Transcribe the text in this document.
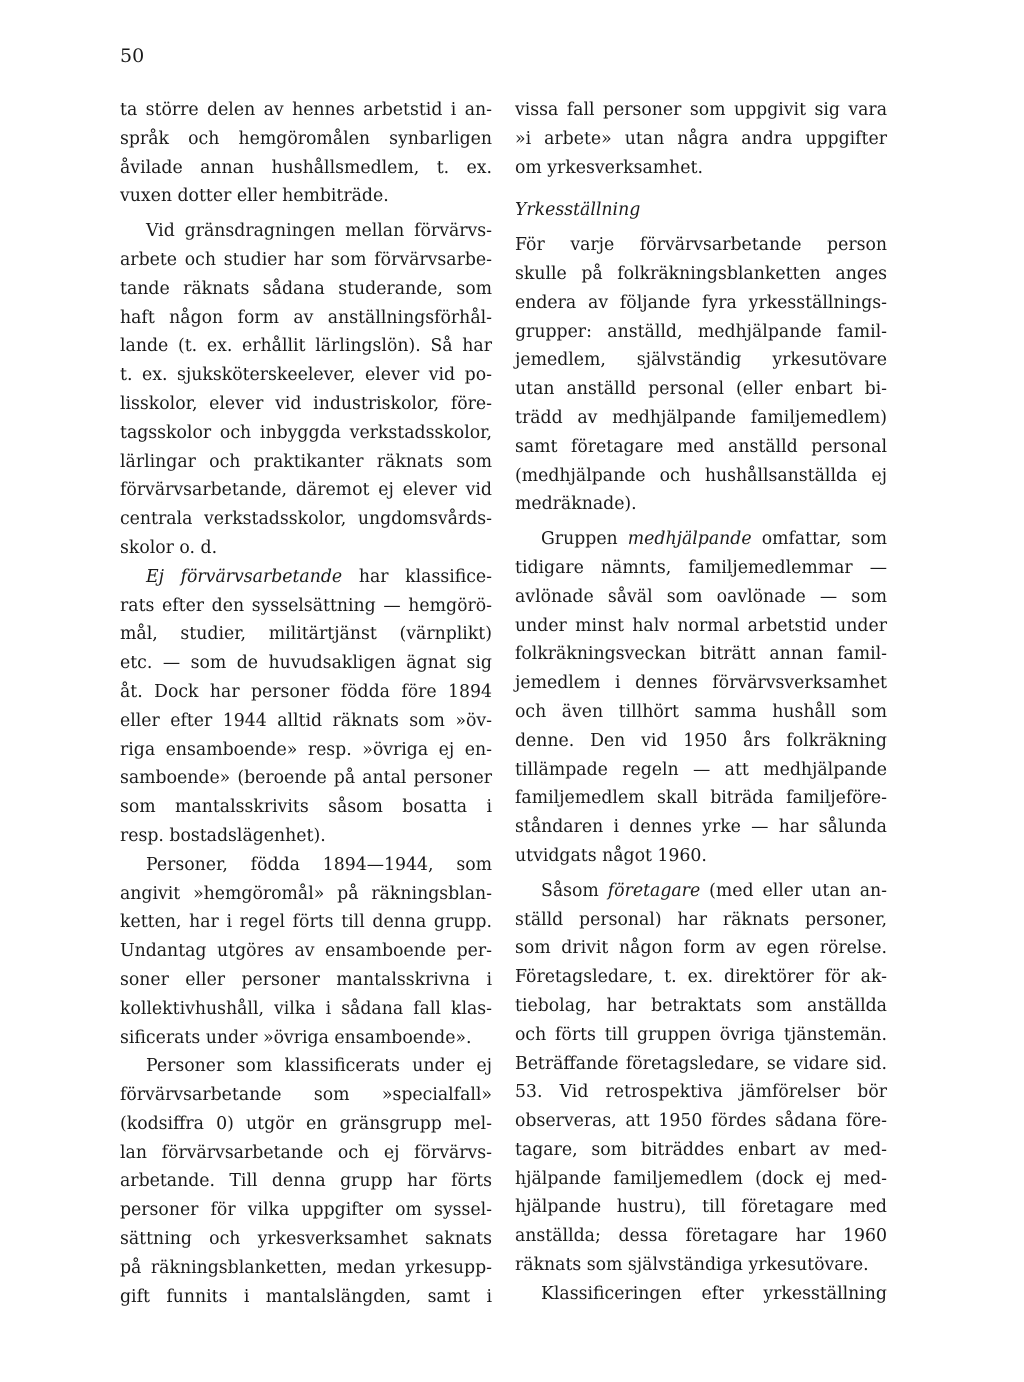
50
ta större delen av hennes arbetstid i an-
språk och hemgöromålen synbarligen
åvilade annan hushållsmedlem, t. ex.
vuxen dotter eller hembiträde.
Vid gränsdragningen mellan förvärvs-
arbete och studier har som förvärvsarbe-
tande räknats sådana studerande, som
haft någon form av anställningsförhål-
lande (t. ex. erhållit lärlingslön). Så har
t. ex. sjuksköterskeelever, elever vid po-
lisskolor, elever vid industriskolor, före-
tagsskolor och inbyggda verkstadsskolor,
lärlingar och praktikanter räknats som
förvärvsarbetande, däremot ej elever vid
centrala verkstadsskolor, ungdomsvårds-
skolor o. d.
Ej förvärvsarbetande har klassifice-
rats efter den sysselsättning — hemgörö-
mål, studier, militärtjänst (värnplikt)
etc. — som de huvudsakligen ägnat sig
åt. Dock har personer födda före 1894
eller efter 1944 alltid räknats som »öv-
riga ensamboende» resp. »övriga ej en-
samboende» (beroende på antal personer
som mantalsskrivits såsom bosatta i
resp. bostadslägenhet).
Personer, födda 1894—1944, som
angivit »hemgöromål» på räkningsblan-
ketten, har i regel förts till denna grupp.
Undantag utgöres av ensamboende per-
soner eller personer mantalsskrivna i
kollektivhushåll, vilka i sådana fall klas-
sificerats under »övriga ensamboende».
Personer som klassificerats under ej
förvärvsarbetande som »specialfall»
(kodsiffra 0) utgör en gränsgrupp mel-
lan förvärvsarbetande och ej förvärvs-
arbetande. Till denna grupp har förts
personer för vilka uppgifter om syssel-
sättning och yrkesverksamhet saknats
på räkningsblanketten, medan yrkesupp-
gift funnits i mantalslängden, samt i
vissa fall personer som uppgivit sig vara
»i arbete» utan några andra uppgifter
om yrkesverksamhet.
Yrkesställning
För varje förvärvsarbetande person
skulle på folkräkningsblanketten anges
endera av följande fyra yrkesställnings-
grupper: anställd, medhjälpande famil-
jemedlem, självständig yrkesutövare
utan anställd personal (eller enbart bi-
trädd av medhjälpande familjemedlem)
samt företagare med anställd personal
(medhjälpande och hushållsanställda ej
medräknade).
Gruppen medhjälpande omfattar, som
tidigare nämnts, familjemedlemmar —
avlönade såväl som oavlönade — som
under minst halv normal arbetstid under
folkräkningsveckan biträtt annan famil-
jemedlem i dennes förvärvsverksamhet
och även tillhört samma hushåll som
denne. Den vid 1950 års folkräkning
tillämpade regeln — att medhjälpande
familjemedlem skall biträda familjeföre-
ståndaren i dennes yrke — har sålunda
utvidgats något 1960.
Såsom företagare (med eller utan an-
ställd personal) har räknats personer,
som drivit någon form av egen rörelse.
Företagsledare, t. ex. direktörer för ak-
tiebolag, har betraktats som anställda
och förts till gruppen övriga tjänstemän.
Beträffande företagsledare, se vidare sid.
53. Vid retrospektiva jämförelser bör
observeras, att 1950 fördes sådana före-
tagare, som biträddes enbart av med-
hjälpande familjemedlem (dock ej med-
hjälpande hustru), till företagare med
anställda; dessa företagare har 1960
räknats som självständiga yrkesutövare.
Klassificeringen efter yrkesställning
